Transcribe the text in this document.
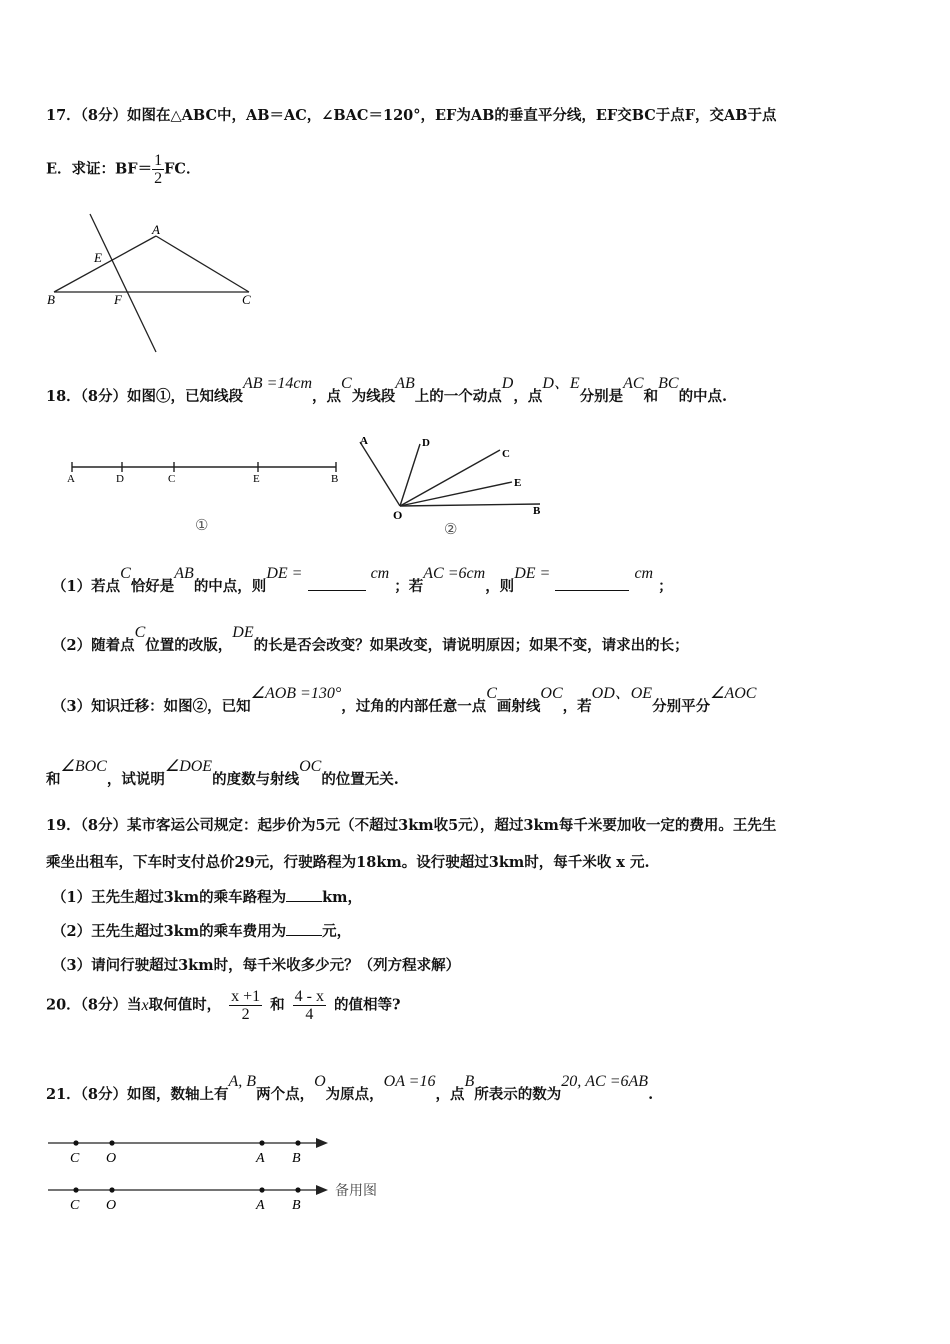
17．（8分）如图在△ABC中，AB＝AC，∠BAC＝120°，EF为AB的垂直平分线，EF交BC于点F，交AB于点
E．求证：$BF= \frac{1}{2}$ FC．
A
E
B	F	C
18．（8分）如图①，已知线段AB =14cm，点C为线段AB上的一个动点D，点D、E分别是AC和BC的中点.
A	D	C	E	B
①
A	D
C
E
B
O
②
（1）若点C恰好是AB的中点，则DE =	cm ；若AC =6cm，则DE =	cm ；
（2）随着点C位置的改版，DE的长是否会改变？如果改变，请说明原因；如果不变，请求出的长；
（3）知识迁移：如图②，已知∠AOB =130°，过角的内部任意一点C画射线OC，若OD、OE分别平分∠AOC
和∠BOC，试说明∠DOE的度数与射线OC的位置无关.
19．（8分）某市客运公司规定：起步价为5元（不超过3km收5元），超过3km每千米要加收一定的费用。王先生
乘坐出租车，下车时支付总价29元，行驶路程为18km。设行驶超过3km时，每千米收 x 元.
（1）王先生超过3km的乘车路程为 km，
（2）王先生超过3km的乘车费用为 元，
（3）请问行驶超过3km时，每千米收多少元？（列方程求解）
20．（8分）当x取何值时， $\frac{x +1}{2}$ 和 $\frac{4 - x}{4}$ 的值相等?
21．（8分）如图，数轴上有A, B两个点，O为原点，OA =16，点B所表示的数为20, AC =6AB.
C O	A B
C O	A B
备用图
